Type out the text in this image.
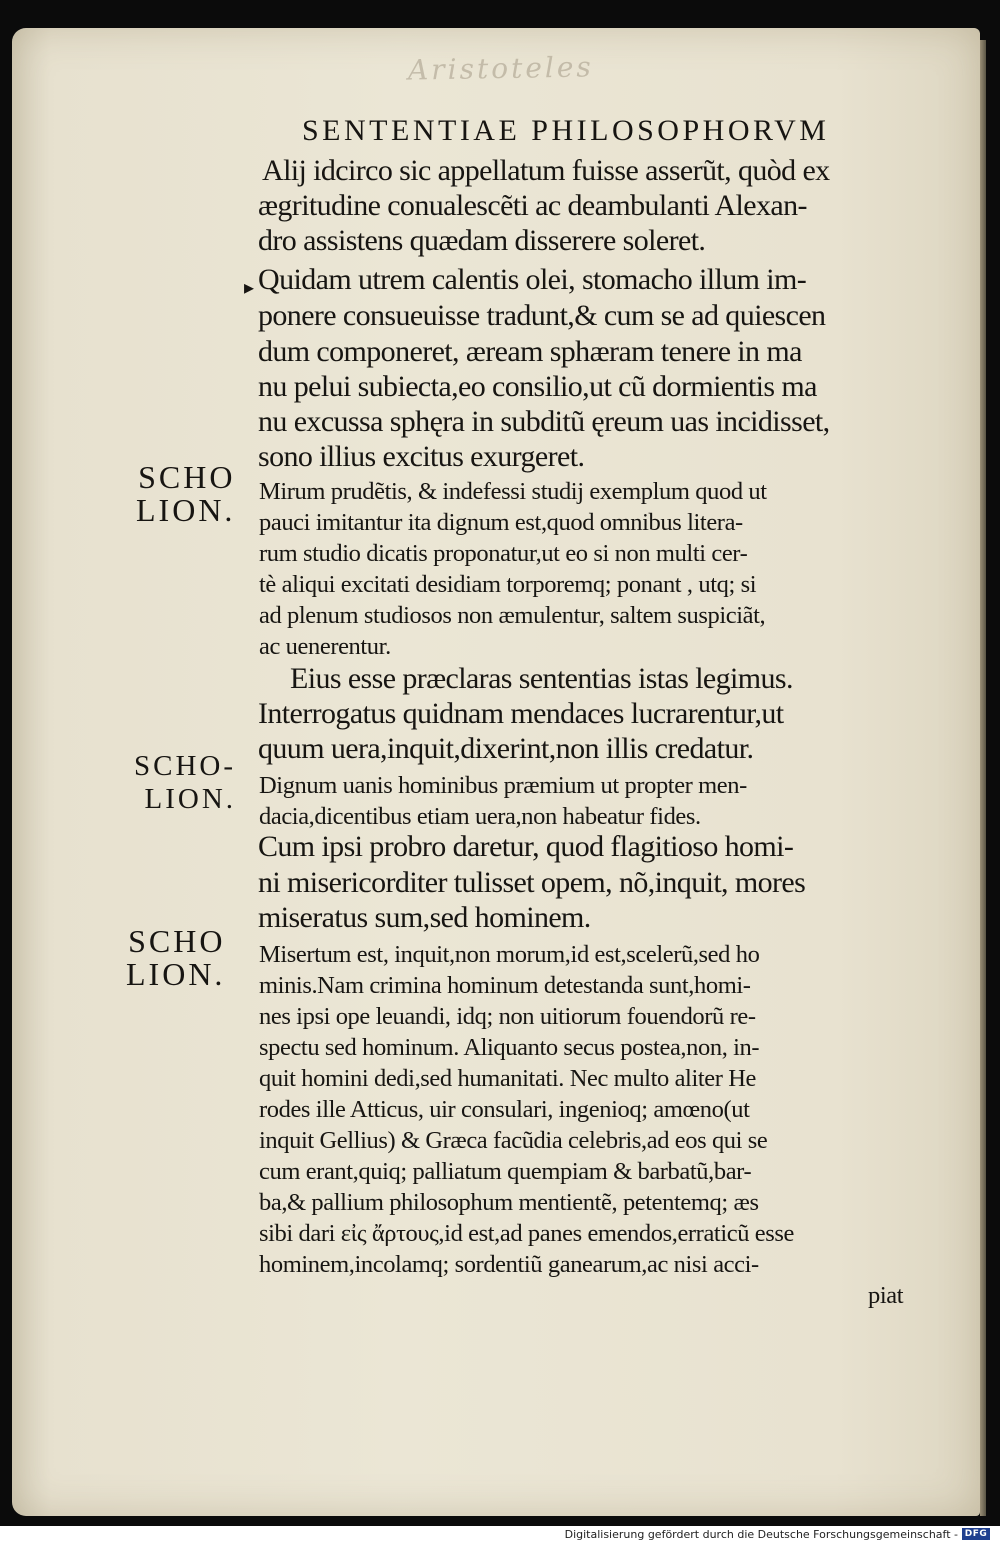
Aristoteles
SENTENTIAE PHILOSOPHORVM
▸
SCHO
LION.
SCHO-
LION.
SCHO
LION.
Alij idcirco sic appellatum fuisse asserũt, quòd ex
ægritudine conualescẽti ac deambulanti Alexan-
dro assistens quædam disserere soleret.
Quidam utrem calentis olei, stomacho illum im-
ponere consueuisse tradunt,& cum se ad quiescen
dum componeret, æream sphæram tenere in ma
nu pelui subiecta,eo consilio,ut cũ dormientis ma
nu excussa sphęra in subditũ ęreum uas incidisset,
sono illius excitus exurgeret.
Mirum prudẽtis, & indefessi studij exemplum quod ut
pauci imitantur ita dignum est,quod omnibus litera-
rum studio dicatis proponatur,ut eo si non multi cer-
tè aliqui excitati desidiam torporemq; ponant , utq; si
ad plenum studiosos non æmulentur, saltem suspiciãt,
ac uenerentur.
Eius esse præclaras sententias istas legimus.
Interrogatus quidnam mendaces lucrarentur,ut
quum uera,inquit,dixerint,non illis credatur.
Dignum uanis hominibus præmium ut propter men-
dacia,dicentibus etiam uera,non habeatur fides.
Cum ipsi probro daretur, quod flagitioso homi-
ni misericorditer tulisset opem, nõ,inquit, mores
miseratus sum,sed hominem.
Misertum est, inquit,non morum,id est,scelerũ,sed ho
minis.Nam crimina hominum detestanda sunt,homi-
nes ipsi ope leuandi, idq; non uitiorum fouendorũ re-
spectu sed hominum. Aliquanto secus postea,non, in-
quit homini dedi,sed humanitati. Nec multo aliter He
rodes ille Atticus, uir consulari, ingenioq; amœno(ut
inquit Gellius) & Græca facũdia celebris,ad eos qui se
cum erant,quiq; palliatum quempiam & barbatũ,bar-
ba,& pallium philosophum mentientẽ, petentemq; æs
sibi dari εἰς ἄρτους,id est,ad panes emendos,erraticũ esse
hominem,incolamq; sordentiũ ganearum,ac nisi acci-
piat
Digitalisierung gefördert durch die Deutsche Forschungsgemeinschaft - DFG
